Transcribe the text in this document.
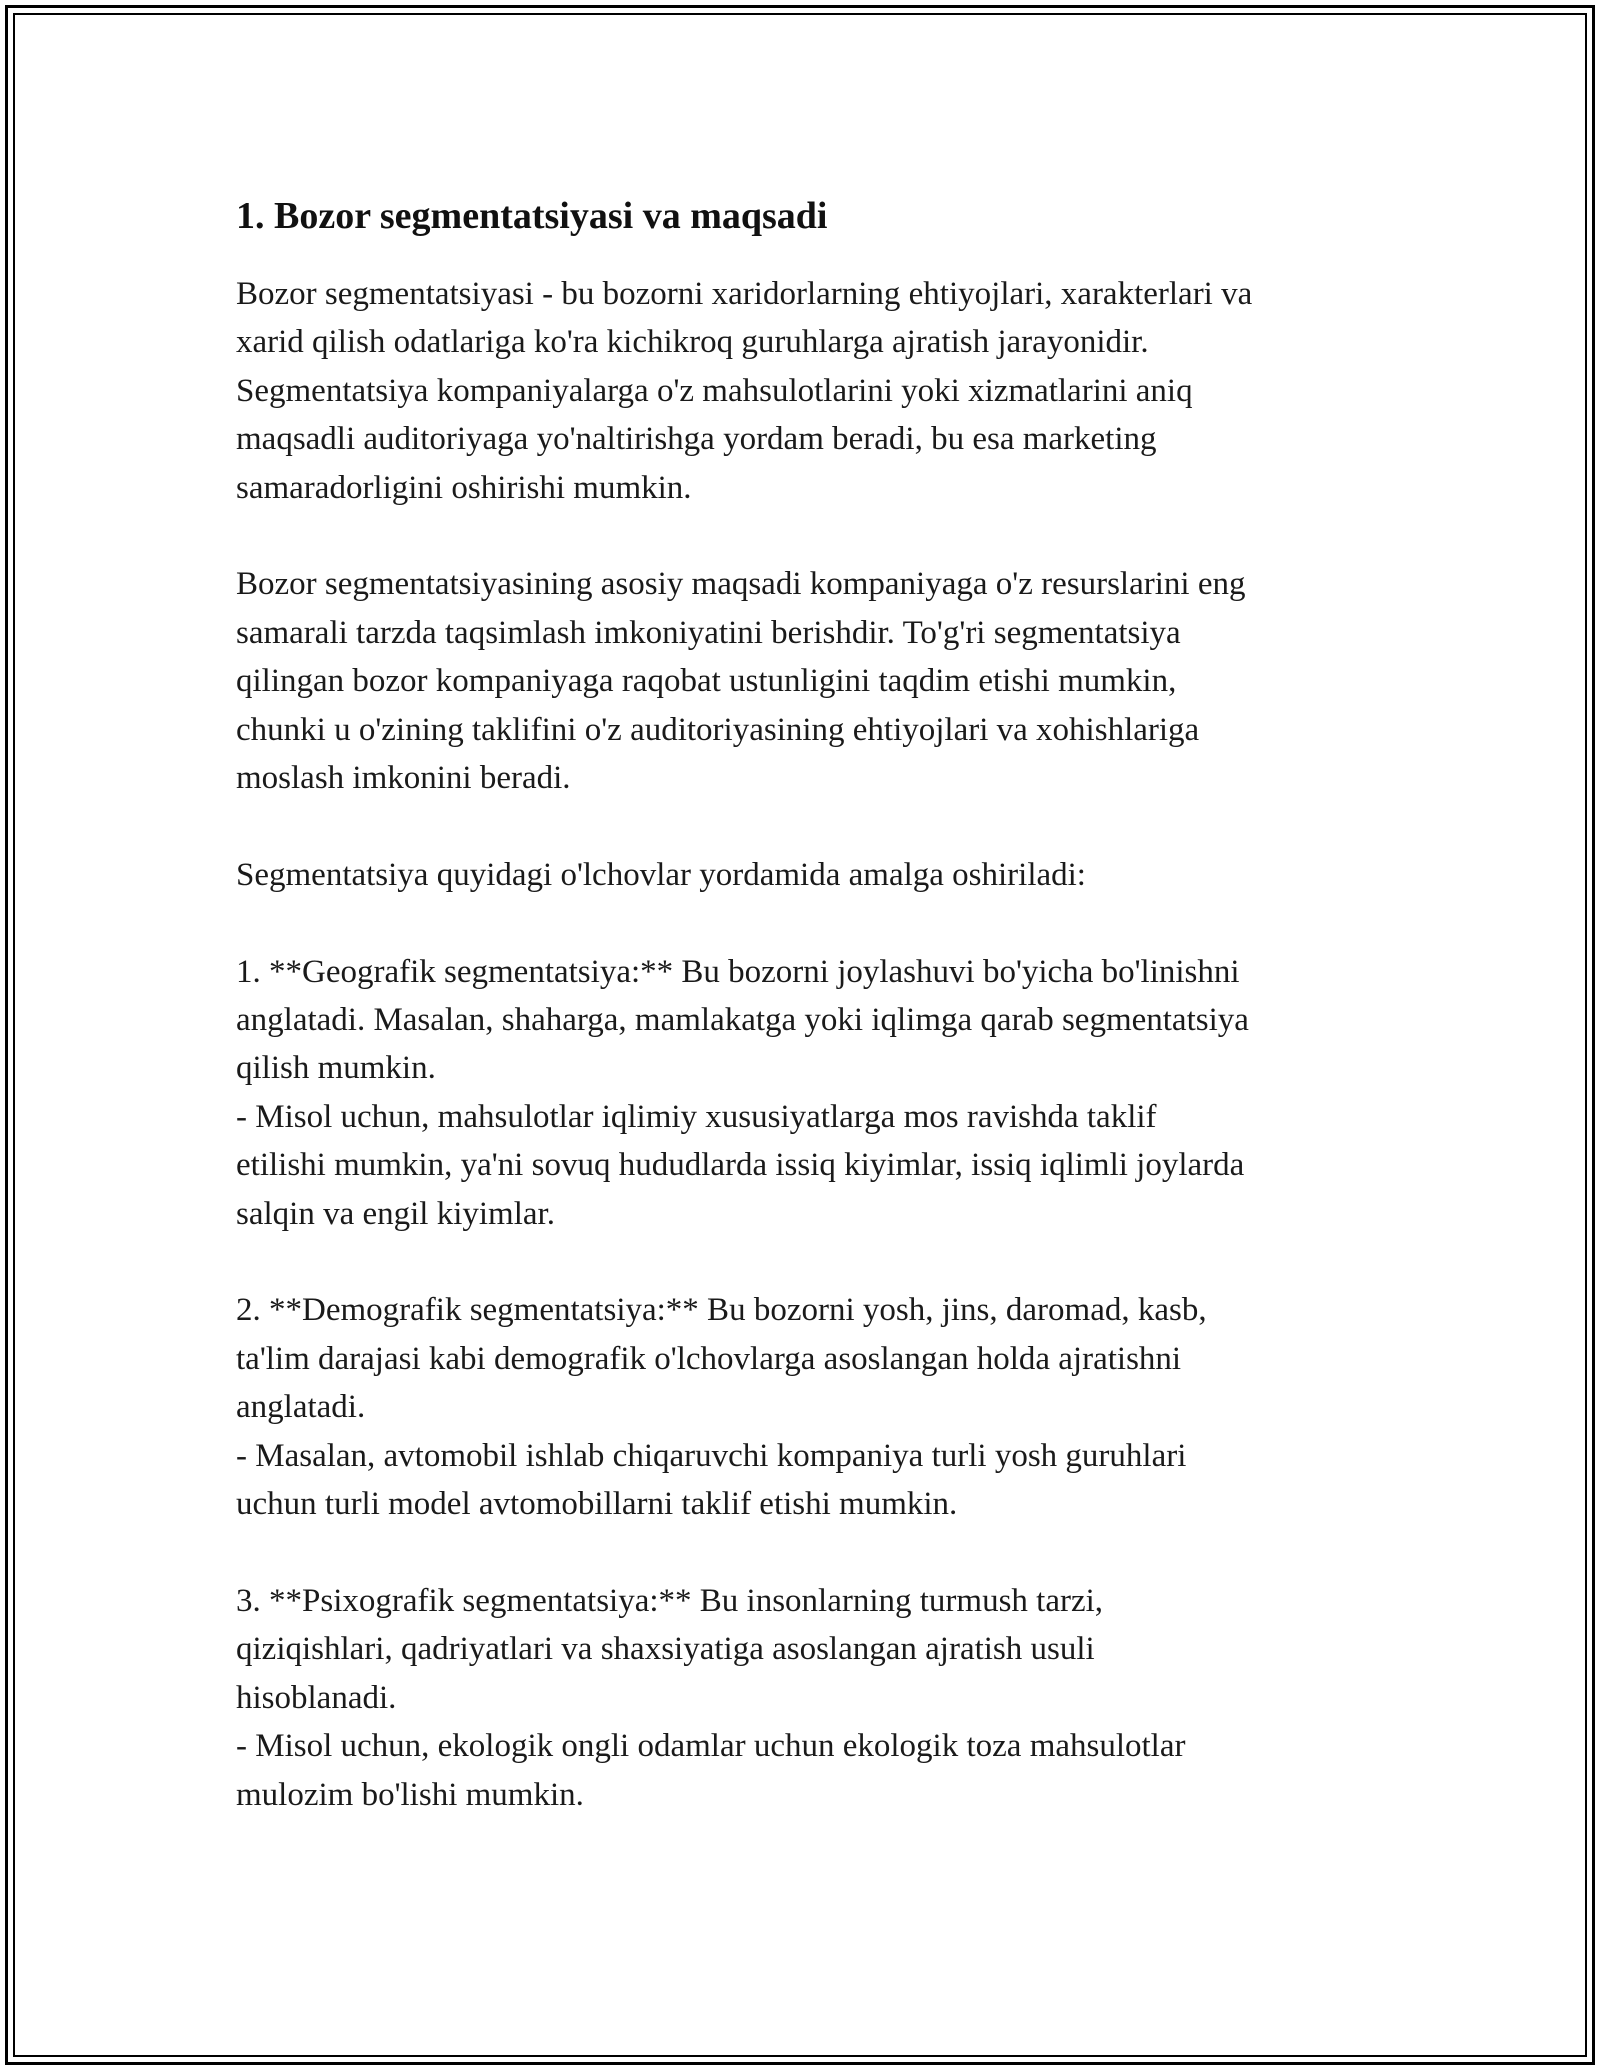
1. Bozor segmentatsiyasi va maqsadi

Bozor segmentatsiyasi - bu bozorni xaridorlarning ehtiyojlari, xarakterlari va
xarid qilish odatlariga ko'ra kichikroq guruhlarga ajratish jarayonidir.
Segmentatsiya kompaniyalarga o'z mahsulotlarini yoki xizmatlarini aniq
maqsadli auditoriyaga yo'naltirishga yordam beradi, bu esa marketing
samaradorligini oshirishi mumkin.

Bozor segmentatsiyasining asosiy maqsadi kompaniyaga o'z resurslarini eng
samarali tarzda taqsimlash imkoniyatini berishdir. To'g'ri segmentatsiya
qilingan bozor kompaniyaga raqobat ustunligini taqdim etishi mumkin,
chunki u o'zining taklifini o'z auditoriyasining ehtiyojlari va xohishlariga
moslash imkonini beradi.

Segmentatsiya quyidagi o'lchovlar yordamida amalga oshiriladi:

1. **Geografik segmentatsiya:** Bu bozorni joylashuvi bo'yicha bo'linishni
anglatadi. Masalan, shaharga, mamlakatga yoki iqlimga qarab segmentatsiya
qilish mumkin.
- Misol uchun, mahsulotlar iqlimiy xususiyatlarga mos ravishda taklif
etilishi mumkin, ya'ni sovuq hududlarda issiq kiyimlar, issiq iqlimli joylarda
salqin va engil kiyimlar.

2. **Demografik segmentatsiya:** Bu bozorni yosh, jins, daromad, kasb,
ta'lim darajasi kabi demografik o'lchovlarga asoslangan holda ajratishni
anglatadi.
- Masalan, avtomobil ishlab chiqaruvchi kompaniya turli yosh guruhlari
uchun turli model avtomobillarni taklif etishi mumkin.

3. **Psixografik segmentatsiya:** Bu insonlarning turmush tarzi,
qiziqishlari, qadriyatlari va shaxsiyatiga asoslangan ajratish usuli
hisoblanadi.
- Misol uchun, ekologik ongli odamlar uchun ekologik toza mahsulotlar
mulozim bo'lishi mumkin.
